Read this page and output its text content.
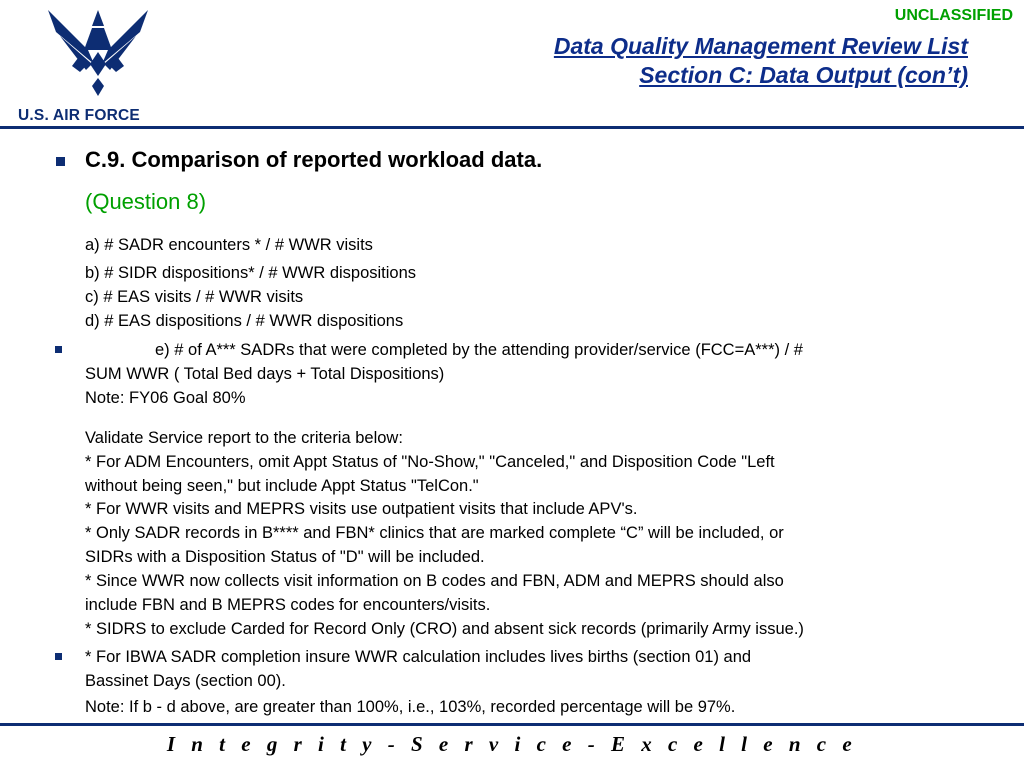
U.S. AIR FORCE
UNCLASSIFIED
Data Quality Management Review List
Section C: Data Output (con’t)
C.9. Comparison of reported workload data.
(Question 8)
a) # SADR encounters * / # WWR visits
b) # SIDR dispositions* / # WWR dispositions
c) # EAS visits / # WWR visits
d) # EAS dispositions / # WWR dispositions
e) # of A*** SADRs that were completed by the attending provider/service (FCC=A***) / #
SUM WWR ( Total Bed days + Total Dispositions)
Note: FY06 Goal 80%
Validate Service report to the criteria below:
* For ADM Encounters, omit Appt Status of "No-Show," "Canceled," and Disposition Code "Left
without being seen," but include Appt Status "TelCon."
* For WWR visits and MEPRS visits use outpatient visits that include APV's.
* Only SADR records in B**** and FBN* clinics that are marked complete “C” will be included, or
SIDRs with a Disposition Status of "D" will be included.
* Since WWR now collects visit information on B codes and FBN, ADM and MEPRS should also
include FBN and B MEPRS codes for encounters/visits.
* SIDRS to exclude Carded for Record Only (CRO) and absent sick records (primarily Army issue.)
* For IBWA SADR completion insure WWR calculation includes lives births (section 01) and
Bassinet Days (section 00).
Note: If b - d above, are greater than 100%, i.e., 103%, recorded percentage will be 97%.
I n t e g r i t y - S e r v i c e - E x c e l l e n c e
